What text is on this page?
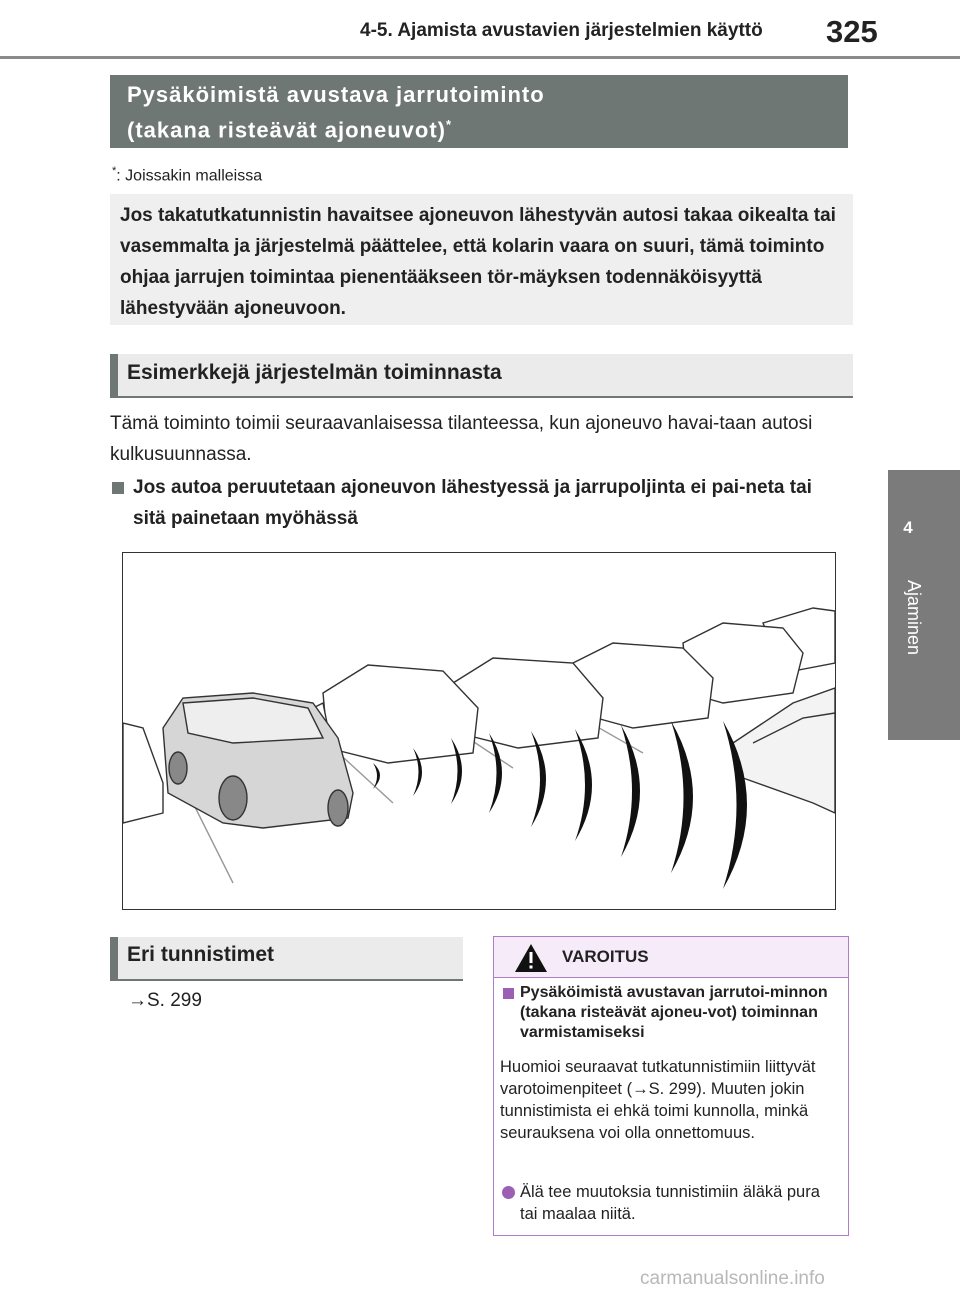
4-5. Ajamista avustavien järjestelmien käyttö 325
4
Ajaminen
Pysäköimistä avustava jarrutoiminto
(takana risteävät ajoneuvot)*
*: Joissakin malleissa
Jos takatutkatunnistin havaitsee ajoneuvon lähestyvän autosi takaa oikealta tai vasemmalta ja järjestelmä päättelee, että kolarin vaara on suuri, tämä toiminto ohjaa jarrujen toimintaa pienentääkseen tör-mäyksen todennäköisyyttä lähestyvään ajoneuvoon.
Esimerkkejä järjestelmän toiminnasta
Tämä toiminto toimii seuraavanlaisessa tilanteessa, kun ajoneuvo havai-taan autosi kulkusuunnassa.
Jos autoa peruutetaan ajoneuvon lähestyessä ja jarrupoljinta ei pai-neta tai sitä painetaan myöhässä
Eri tunnistimet
→S. 299
VAROITUS
Pysäköimistä avustavan jarrutoi-minnon (takana risteävät ajoneu-vot) toiminnan varmistamiseksi
Huomioi seuraavat tutkatunnistimiin liittyvät varotoimenpiteet (→S. 299). Muuten jokin tunnistimista ei ehkä toimi kunnolla, minkä seurauksena voi olla onnettomuus.
Älä tee muutoksia tunnistimiin äläkä pura tai maalaa niitä.
carmanualsonline.info
